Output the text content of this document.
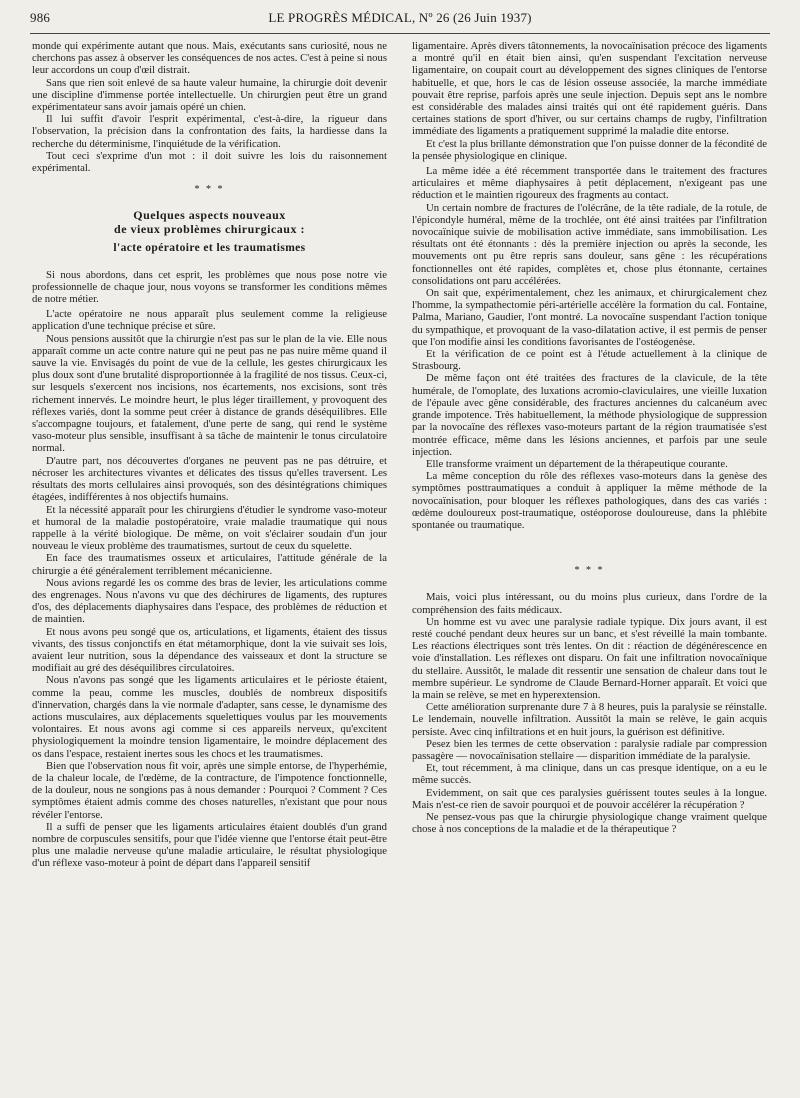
986	LE PROGRÈS MÉDICAL, Nº 26 (26 Juin 1937)

monde qui expérimente autant que nous. Mais, exécutants sans curiosité, nous ne cherchons pas assez à observer les conséquences de nos actes. C'est à peine si nous leur accordons un coup d'œil distrait.

Sans que rien soit enlevé de sa haute valeur humaine, la chirurgie doit devenir une discipline d'immense portée intellectuelle. Un chirurgien peut être un grand expérimentateur sans avoir jamais opéré un chien.

Il lui suffit d'avoir l'esprit expérimental, c'est-à-dire, la rigueur dans l'observation, la précision dans la confrontation des faits, la hardiesse dans la recherche du déterminisme, l'inquiétude de la vérification.

Tout ceci s'exprime d'un mot : il doit suivre les lois du raisonnement expérimental.

* * *
Quelques aspects nouveaux
de vieux problèmes chirurgicaux :
l'acte opératoire et les traumatismes

Si nous abordons, dans cet esprit, les problèmes que nous pose notre vie professionnelle de chaque jour, nous voyons se transformer les conditions mêmes de notre métier.

L'acte opératoire ne nous apparaît plus seulement comme la religieuse application d'une technique précise et sûre.

Nous pensions aussitôt que la chirurgie n'est pas sur le plan de la vie. Elle nous apparaît comme un acte contre nature qui ne peut pas ne pas nuire même quand il sauve la vie. Envisagés du point de vue de la cellule, les gestes chirurgicaux les plus doux sont d'une brutalité disproportionnée à la fragilité de nos tissus. Ceux-ci, sur lesquels s'exercent nos incisions, nos écartements, nos excisions, sont très richement innervés. Le moindre heurt, le plus léger tiraillement, y provoquent des réflexes variés, dont la somme peut créer à distance de grands déséquilibres. Elle s'accompagne toujours, et fatalement, d'une perte de sang, qui rend le système vaso-moteur plus sensible, insuffisant à sa tâche de maintenir le tonus circulatoire normal.

D'autre part, nos découvertes d'organes ne peuvent pas ne pas détruire, et nécroser les architectures vivantes et délicates des tissus qu'elles traversent. Les résultats des morts cellulaires ainsi provoqués, son des désintégrations chimiques étagées, indifférentes à nos objectifs humains.

Et la nécessité apparaît pour les chirurgiens d'étudier le syndrome vaso-moteur et humoral de la maladie postopératoire, vraie maladie traumatique qui nous rappelle à la vérité biologique. De même, on voit s'éclairer soudain d'un jour nouveau le vieux problème des traumatismes, surtout de ceux du squelette.

En face des traumatismes osseux et articulaires, l'attitude générale de la chirurgie a été généralement terriblement mécanicienne.

Nous avions regardé les os comme des bras de levier, les articulations comme des engrenages. Nous n'avons vu que des déchirures de ligaments, des ruptures d'os, des déplacements diaphysaires dans l'espace, des problèmes de réduction et de maintien.

Et nous avons peu songé que os, articulations, et ligaments, étaient des tissus vivants, des tissus conjonctifs en état métamorphique, dont la vie suivait ses lois, avaient leur nutrition, sous la dépendance des vaisseaux et dont la structure se modifiait au gré des déséquilibres circulatoires.

Nous n'avons pas songé que les ligaments articulaires et le périoste étaient, comme la peau, comme les muscles, doublés de nombreux dispositifs d'innervation, chargés dans la vie normale d'adapter, sans cesse, le dynamisme des actions musculaires, aux déplacements squelettiques voulus par les mouvements volontaires. Et nous avons agi comme si ces appareils nerveux, qu'excitent physiologiquement la moindre tension ligamentaire, le moindre déplacement des os dans l'espace, restaient inertes sous les chocs et les traumatismes.

Bien que l'observation nous fit voir, après une simple entorse, de l'hyperhémie, de la chaleur locale, de l'œdème, de la contracture, de l'impotence fonctionnelle, de la douleur, nous ne songions pas à nous demander : Pourquoi ? Comment ? Ces symptômes étaient admis comme des choses naturelles, n'existant que pour nous révéler l'entorse.

Il a suffi de penser que les ligaments articulaires étaient doublés d'un grand nombre de corpuscules sensitifs, pour que l'idée vienne que l'entorse était peut-être plus une maladie nerveuse qu'une maladie articulaire, le résultat physiologique d'un réflexe vaso-moteur à point de départ dans l'appareil sensitif

ligamentaire. Après divers tâtonnements, la novocaïnisation précoce des ligaments a montré qu'il en était bien ainsi, qu'en suspendant l'excitation nerveuse ligamentaire, on coupait court au développement des signes cliniques de l'entorse habituelle, et que, hors le cas de lésion osseuse associée, la marche immédiate pouvait être reprise, parfois après une seule injection. Depuis sept ans le nombre est considérable des malades ainsi traités qui ont été rapidement guéris. Dans certaines stations de sport d'hiver, ou sur certains champs de rugby, l'infiltration immédiate des ligaments a pratiquement supprimé la maladie dite entorse.

Et c'est la plus brillante démonstration que l'on puisse donner de la fécondité de la pensée physiologique en clinique.

La même idée a été récemment transportée dans le traitement des fractures articulaires et même diaphysaires à petit déplacement, n'exigeant pas une réduction et le maintien rigoureux des fragments au contact.

Un certain nombre de fractures de l'olécrâne, de la tête radiale, de la rotule, de l'épicondyle huméral, même de la trochlée, ont été ainsi traitées par l'infiltration novocaïnique suivie de mobilisation active immédiate, sans immobilisation. Les résultats ont été étonnants : dès la première injection ou après la seconde, les mouvements ont pu être repris sans douleur, sans gêne : les récupérations fonctionnelles ont été rapides, complètes et, chose plus étonnante, certaines consolidations ont paru accélérées.

On sait que, expérimentalement, chez les animaux, et chirurgicalement chez l'homme, la sympathectomie péri-artérielle accélère la formation du cal. Fontaine, Palma, Mariano, Gaudier, l'ont montré. La novocaïne suspendant l'action tonique du sympathique, et provoquant de la vaso-dilatation active, il est permis de penser que l'on modifie ainsi les conditions favorisantes de l'ostéogenèse.

Et la vérification de ce point est à l'étude actuellement à la clinique de Strasbourg.

De même façon ont été traitées des fractures de la clavicule, de la tête humérale, de l'omoplate, des luxations acromio-claviculaires, une vieille luxation de l'épaule avec gêne considérable, des fractures anciennes du calcanéum avec grande impotence. Très habituellement, la méthode physiologique de suppression par la novocaïne des réflexes vaso-moteurs partant de la région traumatisée s'est montrée efficace, même dans les lésions anciennes, et parfois par une seule injection.

Elle transforme vraiment un département de la thérapeutique courante.

La même conception du rôle des réflexes vaso-moteurs dans la genèse des symptômes posttraumatiques a conduit à appliquer la même méthode de la novocaïnisation, pour bloquer les réflexes pathologiques, dans des cas variés : œdème douloureux post-traumatique, ostéoporose douloureuse, dans la phlébite spontanée ou traumatique.

* * *

Mais, voici plus intéressant, ou du moins plus curieux, dans l'ordre de la compréhension des faits médicaux.

Un homme est vu avec une paralysie radiale typique. Dix jours avant, il est resté couché pendant deux heures sur un banc, et s'est réveillé la main tombante. Les réactions électriques sont très lentes. On dit : réaction de dégénérescence en voie d'installation. Les réflexes ont disparu. On fait une infiltration novocaïnique du stellaire. Aussitôt, le malade dit ressentir une sensation de chaleur dans tout le membre supérieur. Le syndrome de Claude Bernard-Horner apparaît. Et voici que la main se relève, se met en hyperextension.

Cette amélioration surprenante dure 7 à 8 heures, puis la paralysie se réinstalle. Le lendemain, nouvelle infiltration. Aussitôt la main se relève, le gain acquis persiste. Avec cinq infiltrations et en huit jours, la guérison est définitive.

Pesez bien les termes de cette observation : paralysie radiale par compression passagère — novocaïnisation stellaire — disparition immédiate de la paralysie.

Et, tout récemment, à ma clinique, dans un cas presque identique, on a eu le même succès.

Evidemment, on sait que ces paralysies guérissent toutes seules à la longue. Mais n'est-ce rien de savoir pourquoi et de pouvoir accélérer la récupération ?

Ne pensez-vous pas que la chirurgie physiologique change vraiment quelque chose à nos conceptions de la maladie et de la thérapeutique ?
